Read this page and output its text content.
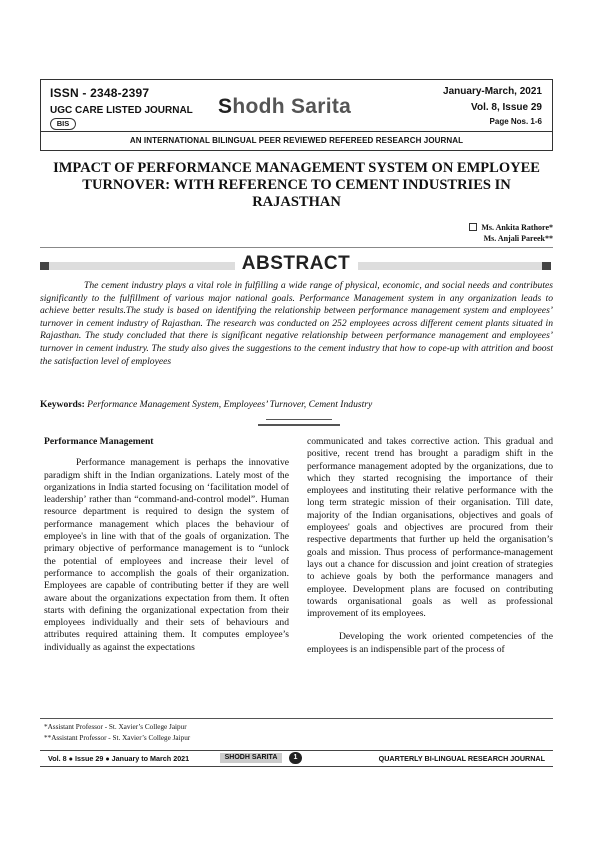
ISSN - 2348-2397
UGC CARE LISTED JOURNAL
BIS
Shodh Sarita
January-March, 2021
Vol. 8, Issue 29
Page Nos. 1-6
AN INTERNATIONAL BILINGUAL PEER REVIEWED REFEREED RESEARCH JOURNAL
IMPACT OF PERFORMANCE MANAGEMENT SYSTEM ON EMPLOYEE TURNOVER: WITH REFERENCE TO CEMENT INDUSTRIES IN RAJASTHAN
Ms. Ankita Rathore*
Ms. Anjali Pareek**
ABSTRACT
The cement industry plays a vital role in fulfilling a wide range of physical, economic, and social needs and contributes significantly to the fulfillment of various major national goals. Performance Management system in any organization leads to achieve better results.The study is based on identifying the relationship between performance management system and employees’ turnover in cement industry of Rajasthan. The research was conducted on 252 employees across different cement plants situated in Rajasthan. The study concluded that there is significant negative relationship between performance management and employees’ turnover in cement industry. The study also gives the suggestions to the cement industry that how to cope-up with attrition and boost the satisfaction level of employees
Keywords: Performance Management System, Employees’ Turnover, Cement Industry

Performance Management

Performance management is perhaps the innovative paradigm shift in the Indian organizations. Lately most of the organizations in India started focusing on ‘facilitation model of leadership’ rather than “command-and-control model”. Human resource department is required to design the system of performance management which places the behaviour of employee's in line with that of the goals of organization. The primary objective of performance management is to “unlock the potential of employees and increase their level of performance to accomplish the goals of their organization. Employees are capable of contributing better if they are well aware about the organizations expectation from them. It often starts with defining the organizational expectation from their employees individually and their sets of behaviours and attributes required attaining them. It computes employee’s individually as against the expectations

communicated and takes corrective action. This gradual and positive, recent trend has brought a paradigm shift in the performance management adopted by the organizations, due to which they started recognising the importance of their employees and instituting their relative performance with the long term strategic mission of their organisation. Till date, majority of the Indian organisations, objectives and goals of employees' goals and objectives are procured from their respective departments that further up held the organisation’s goals and mission. Thus process of performance-management lays out a chance for discussion and joint creation of strategies to achieve goals by both the performance managers and employee. Development plans are focused on contributing towards organisational goals as well as professional improvement of its employees.

Developing the work oriented competencies of the employees is an indispensible part of the process of

*Assistant Professor - St. Xavier’s College Jaipur
**Assistant Professor - St. Xavier’s College Jaipur
Vol. 8 ● Issue 29 ● January to March 2021	SHODH SARITA	1	QUARTERLY BI-LINGUAL RESEARCH JOURNAL
